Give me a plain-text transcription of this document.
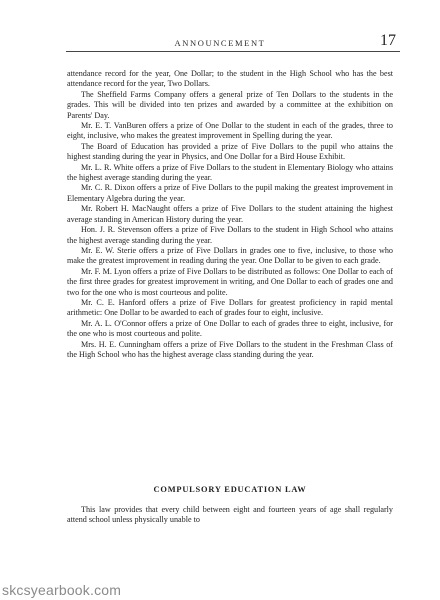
ANNOUNCEMENT	17

attendance record for the year, One Dollar; to the student in the High School who has the best attendance record for the year, Two Dollars.

The Sheffield Farms Company offers a general prize of Ten Dollars to the students in the grades. This will be divided into ten prizes and awarded by a committee at the exhibition on Parents' Day.

Mr. E. T. VanBuren offers a prize of One Dollar to the student in each of the grades, three to eight, inclusive, who makes the greatest improvement in Spelling during the year.

The Board of Education has provided a prize of Five Dollars to the pupil who attains the highest standing during the year in Physics, and One Dollar for a Bird House Exhibit.

Mr. L. R. White offers a prize of Five Dollars to the student in Elementary Biology who attains the highest average standing during the year.

Mr. C. R. Dixon offers a prize of Five Dollars to the pupil making the greatest improvement in Elementary Algebra during the year.

Mr. Robert H. MacNaught offers a prize of Five Dollars to the student attaining the highest average standing in American History during the year.

Hon. J. R. Stevenson offers a prize of Five Dollars to the student in High School who attains the highest average standing during the year.

Mr. E. W. Sterie offers a prize of Five Dollars in grades one to five, inclusive, to those who make the greatest improvement in reading during the year. One Dollar to be given to each grade.

Mr. F. M. Lyon offers a prize of Five Dollars to be distributed as follows: One Dollar to each of the first three grades for greatest improvement in writing, and One Dollar to each of grades one and two for the one who is most courteous and polite.

Mr. C. E. Hanford offers a prize of Five Dollars for greatest proficiency in rapid mental arithmetic: One Dollar to be awarded to each of grades four to eight, inclusive.

Mr. A. L. O'Connor offers a prize of One Dollar to each of grades three to eight, inclusive, for the one who is most courteous and polite.

Mrs. H. E. Cunningham offers a prize of Five Dollars to the student in the Freshman Class of the High School who has the highest average class standing during the year.

COMPULSORY EDUCATION LAW

This law provides that every child between eight and fourteen years of age shall regularly attend school unless physically unable to

skcsyearbook.com
